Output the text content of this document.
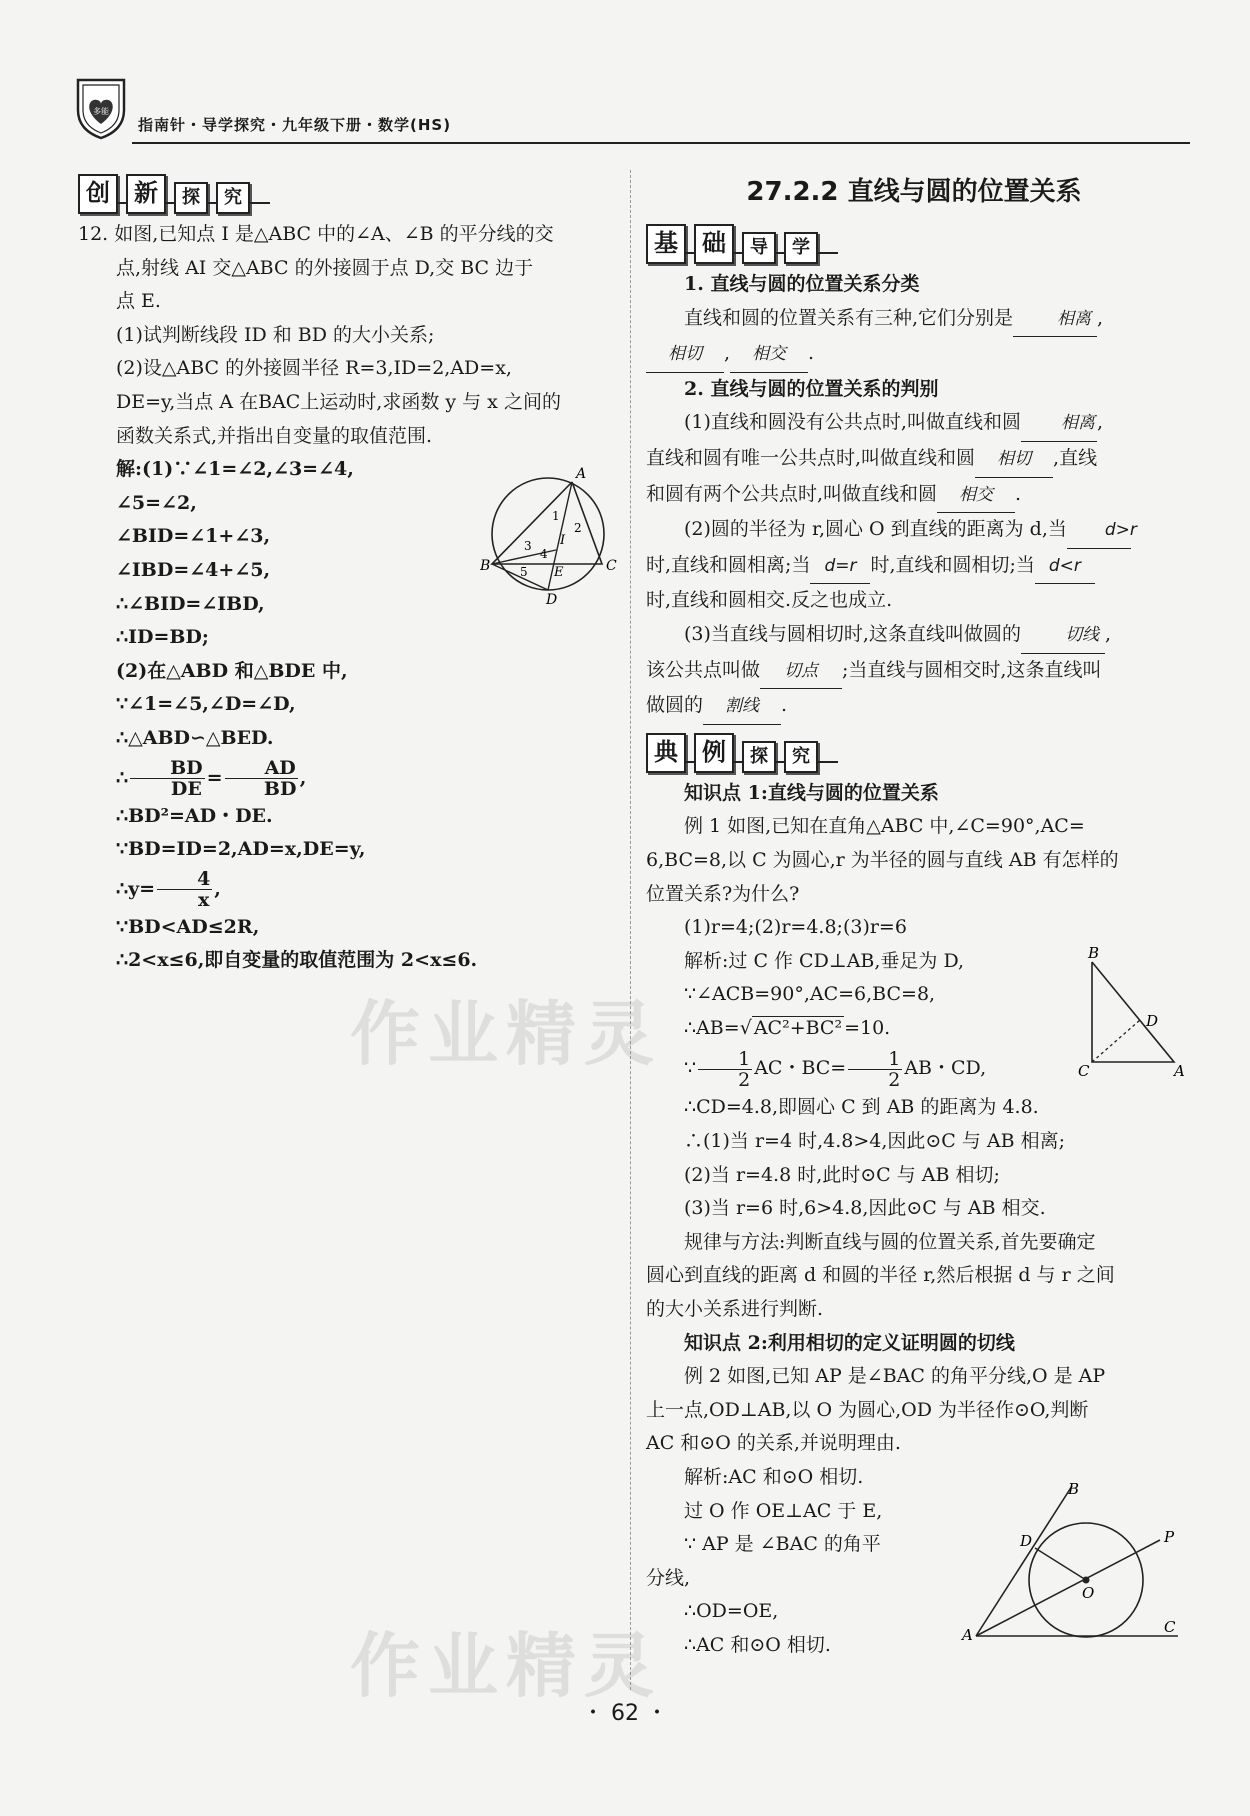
多能
指南针・导学探究・九年级下册・数学(HS)
创	新	探	究

12. 如图,已知点 I 是△ABC 中的∠A、∠B 的平分线的交

点,射线 AI 交△ABC 的外接圆于点 D,交 BC 边于

点 E.

(1)试判断线段 ID 和 BD 的大小关系;

(2)设△ABC 的外接圆半径 R=3,ID=2,AD=x,

DE=y,当点 A 在BAC上运动时,求函数 y 与 x 之间的

函数关系式,并指出自变量的取值范围.

解:(1)∵∠1=∠2,∠3=∠4,

∠5=∠2,

∠BID=∠1+∠3,

∠IBD=∠4+∠5,

∴∠BID=∠IBD,

∴ID=BD;

(2)在△ABD 和△BDE 中,

∵∠1=∠5,∠D=∠D,

∴△ABD∽△BED.

∴ $\frac{BD}{DE} = \frac{AD}{BD}$ ,

∴BD²=AD・DE.

∵BD=ID=2,AD=x,DE=y,

∴y= $\frac{4}{x}$ ,

∵BD<AD≤2R,

∴2<x≤6,即自变量的取值范围为 2<x≤6.

A
B	C
D
E
I
1
2
3
4
5
作业精灵
作业精灵
27.2.2 直线与圆的位置关系
基	础	导	学

1. 直线与圆的位置关系分类

直线和圆的位置关系有三种,它们分别是	相离 ,

相切 , 相交 .

2. 直线与圆的位置关系的判别

(1)直线和圆没有公共点时,叫做直线和圆 相离 ,

直线和圆有唯一公共点时,叫做直线和圆 相切 ,直线

和圆有两个公共点时,叫做直线和圆 相交 .

(2)圆的半径为 r,圆心 O 到直线的距离为 d,当 d>r

时,直线和圆相离;当 d=r 时,直线和圆相切;当 d<r

时,直线和圆相交.反之也成立.

(3)当直线与圆相切时,这条直线叫做圆的	切线 ,

该公共点叫做 切点 ;当直线与圆相交时,这条直线叫

做圆的 割线 .

典	例	探	究

知识点 1:直线与圆的位置关系

例 1 如图,已知在直角△ABC 中,∠C=90°,AC=

6,BC=8,以 C 为圆心,r 为半径的圆与直线 AB 有怎样的

位置关系?为什么?

(1)r=4;(2)r=4.8;(3)r=6

解析:过 C 作 CD⊥AB,垂足为 D,

∵∠ACB=90°,AC=6,BC=8,

∴AB=√ AC²+BC² =10.

∵ $\frac{1}{2}$ AC・$BC= \frac{1}{2}$ AB・CD,

∴CD=4.8,即圆心 C 到 AB 的距离为 4.8.

∴(1)当 r=4 时,4.8>4,因此⊙C 与 AB 相离;

(2)当 r=4.8 时,此时⊙C 与 AB 相切;

(3)当 r=6 时,6>4.8,因此⊙C 与 AB 相交.

规律与方法:判断直线与圆的位置关系,首先要确定

圆心到直线的距离 d 和圆的半径 r,然后根据 d 与 r 之间

的大小关系进行判断.

知识点 2:利用相切的定义证明圆的切线

例 2 如图,已知 AP 是∠BAC 的角平分线,O 是 AP

上一点,OD⊥AB,以 O 为圆心,OD 为半径作⊙O,判断

AC 和⊙O 的关系,并说明理由.

解析:AC 和⊙O 相切.

过 O 作 OE⊥AC 于 E,

∵ AP 是 ∠BAC 的角平

分线,

∴OD=OE,

∴AC 和⊙O 相切.

B
D
C	A
B
D	P
O
A	C
・ 62 ・
